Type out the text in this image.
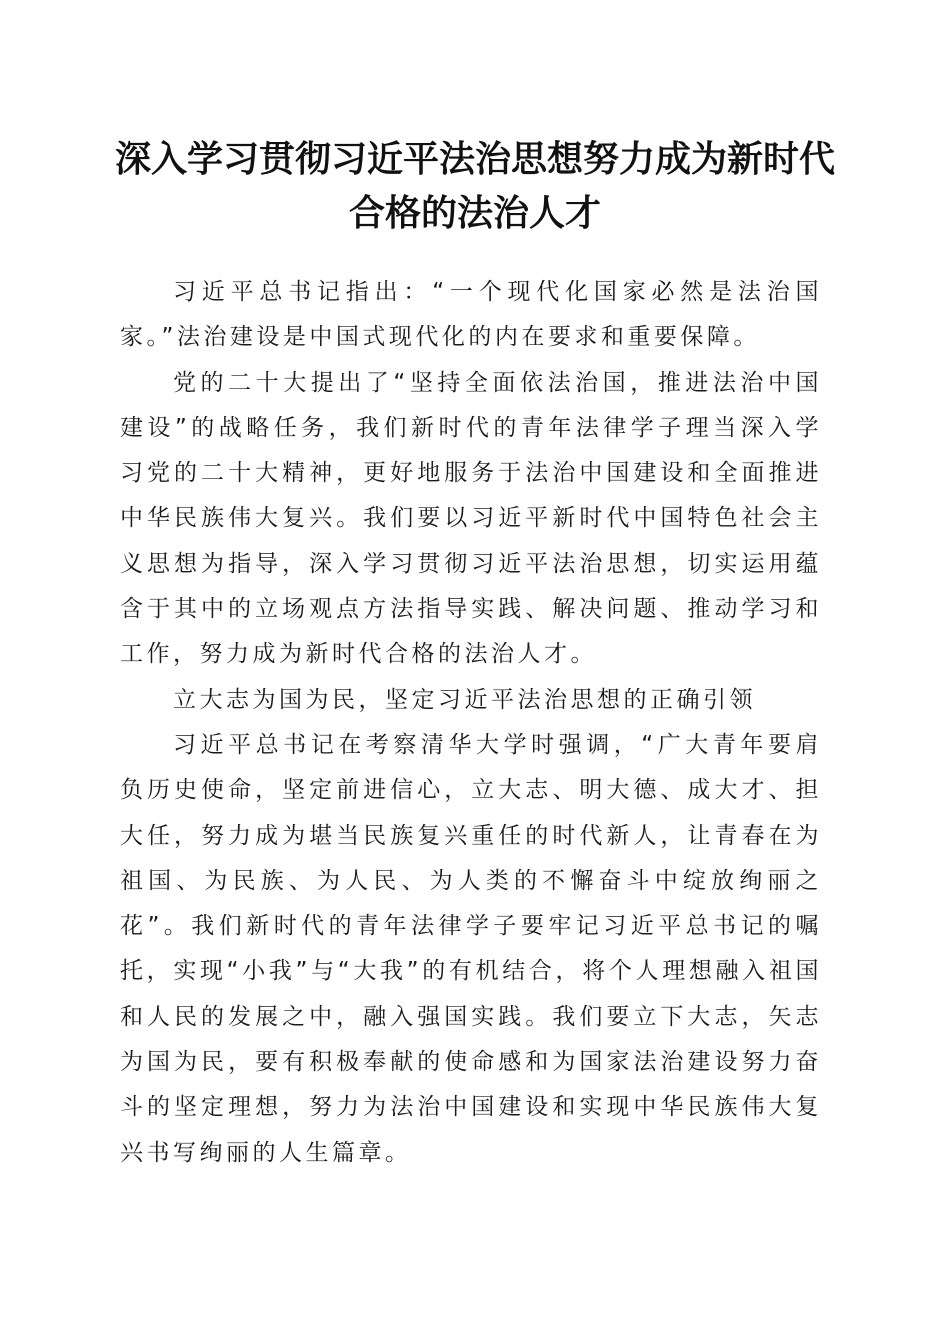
深入学习贯彻习近平法治思想努力成为新时代
合格的法治人才

习近平总书记指出：“一个现代化国家必然是法治国家。”法治建设是中国式现代化的内在要求和重要保障。

党的二十大提出了“坚持全面依法治国，推进法治中国建设”的战略任务，我们新时代的青年法律学子理当深入学习党的二十大精神，更好地服务于法治中国建设和全面推进中华民族伟大复兴。我们要以习近平新时代中国特色社会主义思想为指导，深入学习贯彻习近平法治思想，切实运用蕴含于其中的立场观点方法指导实践、解决问题、推动学习和工作，努力成为新时代合格的法治人才。

立大志为国为民，坚定习近平法治思想的正确引领

习近平总书记在考察清华大学时强调，“广大青年要肩负历史使命，坚定前进信心，立大志、明大德、成大才、担大任，努力成为堪当民族复兴重任的时代新人，让青春在为祖国、为民族、为人民、为人类的不懈奋斗中绽放绚丽之花”。我们新时代的青年法律学子要牢记习近平总书记的嘱托，实现“小我”与“大我”的有机结合，将个人理想融入祖国和人民的发展之中，融入强国实践。我们要立下大志，矢志为国为民，要有积极奉献的使命感和为国家法治建设努力奋斗的坚定理想，努力为法治中国建设和实现中华民族伟大复兴书写绚丽的人生篇章。
